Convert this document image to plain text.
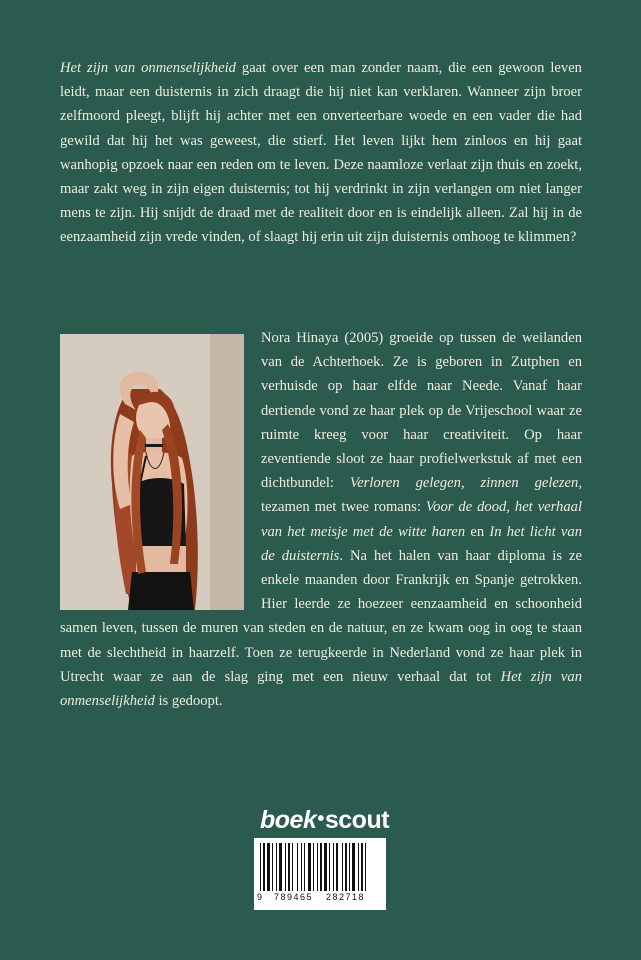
Het zijn van onmenselijkheid gaat over een man zonder naam, die een gewoon leven leidt, maar een duisternis in zich draagt die hij niet kan verklaren. Wanneer zijn broer zelfmoord pleegt, blijft hij achter met een onverteerbare woede en een vader die had gewild dat hij het was geweest, die stierf. Het leven lijkt hem zinloos en hij gaat wanhopig opzoek naar een reden om te leven. Deze naamloze verlaat zijn thuis en zoekt, maar zakt weg in zijn eigen duisternis; tot hij verdrinkt in zijn verlangen om niet langer mens te zijn. Hij snijdt de draad met de realiteit door en is eindelijk alleen. Zal hij in de eenzaamheid zijn vrede vinden, of slaagt hij erin uit zijn duisternis omhoog te klimmen?

Nora Hinaya (2005) groeide op tussen de weilanden van de Achterhoek. Ze is geboren in Zutphen en verhuisde op haar elfde naar Neede. Vanaf haar dertiende vond ze haar plek op de Vrijeschool waar ze ruimte kreeg voor haar creativiteit. Op haar zeventiende sloot ze haar profielwerkstuk af met een dichtbundel: Verloren gelegen, zinnen gelezen, tezamen met twee romans: Voor de dood, het verhaal van het meisje met de witte haren en In het licht van de duisternis. Na het halen van haar diploma is ze enkele maanden door Frankrijk en Spanje getrokken. Hier leerde ze hoezeer eenzaamheid en schoonheid samen leven, tussen de muren van steden en de natuur, en ze kwam oog in oog te staan met de slechtheid in haarzelf. Toen ze terugkeerde in Nederland vond ze haar plek in Utrecht waar ze aan de slag ging met een nieuw verhaal dat tot Het zijn van onmenselijkheid is gedoopt.

boek•scout
9 789465 282718
